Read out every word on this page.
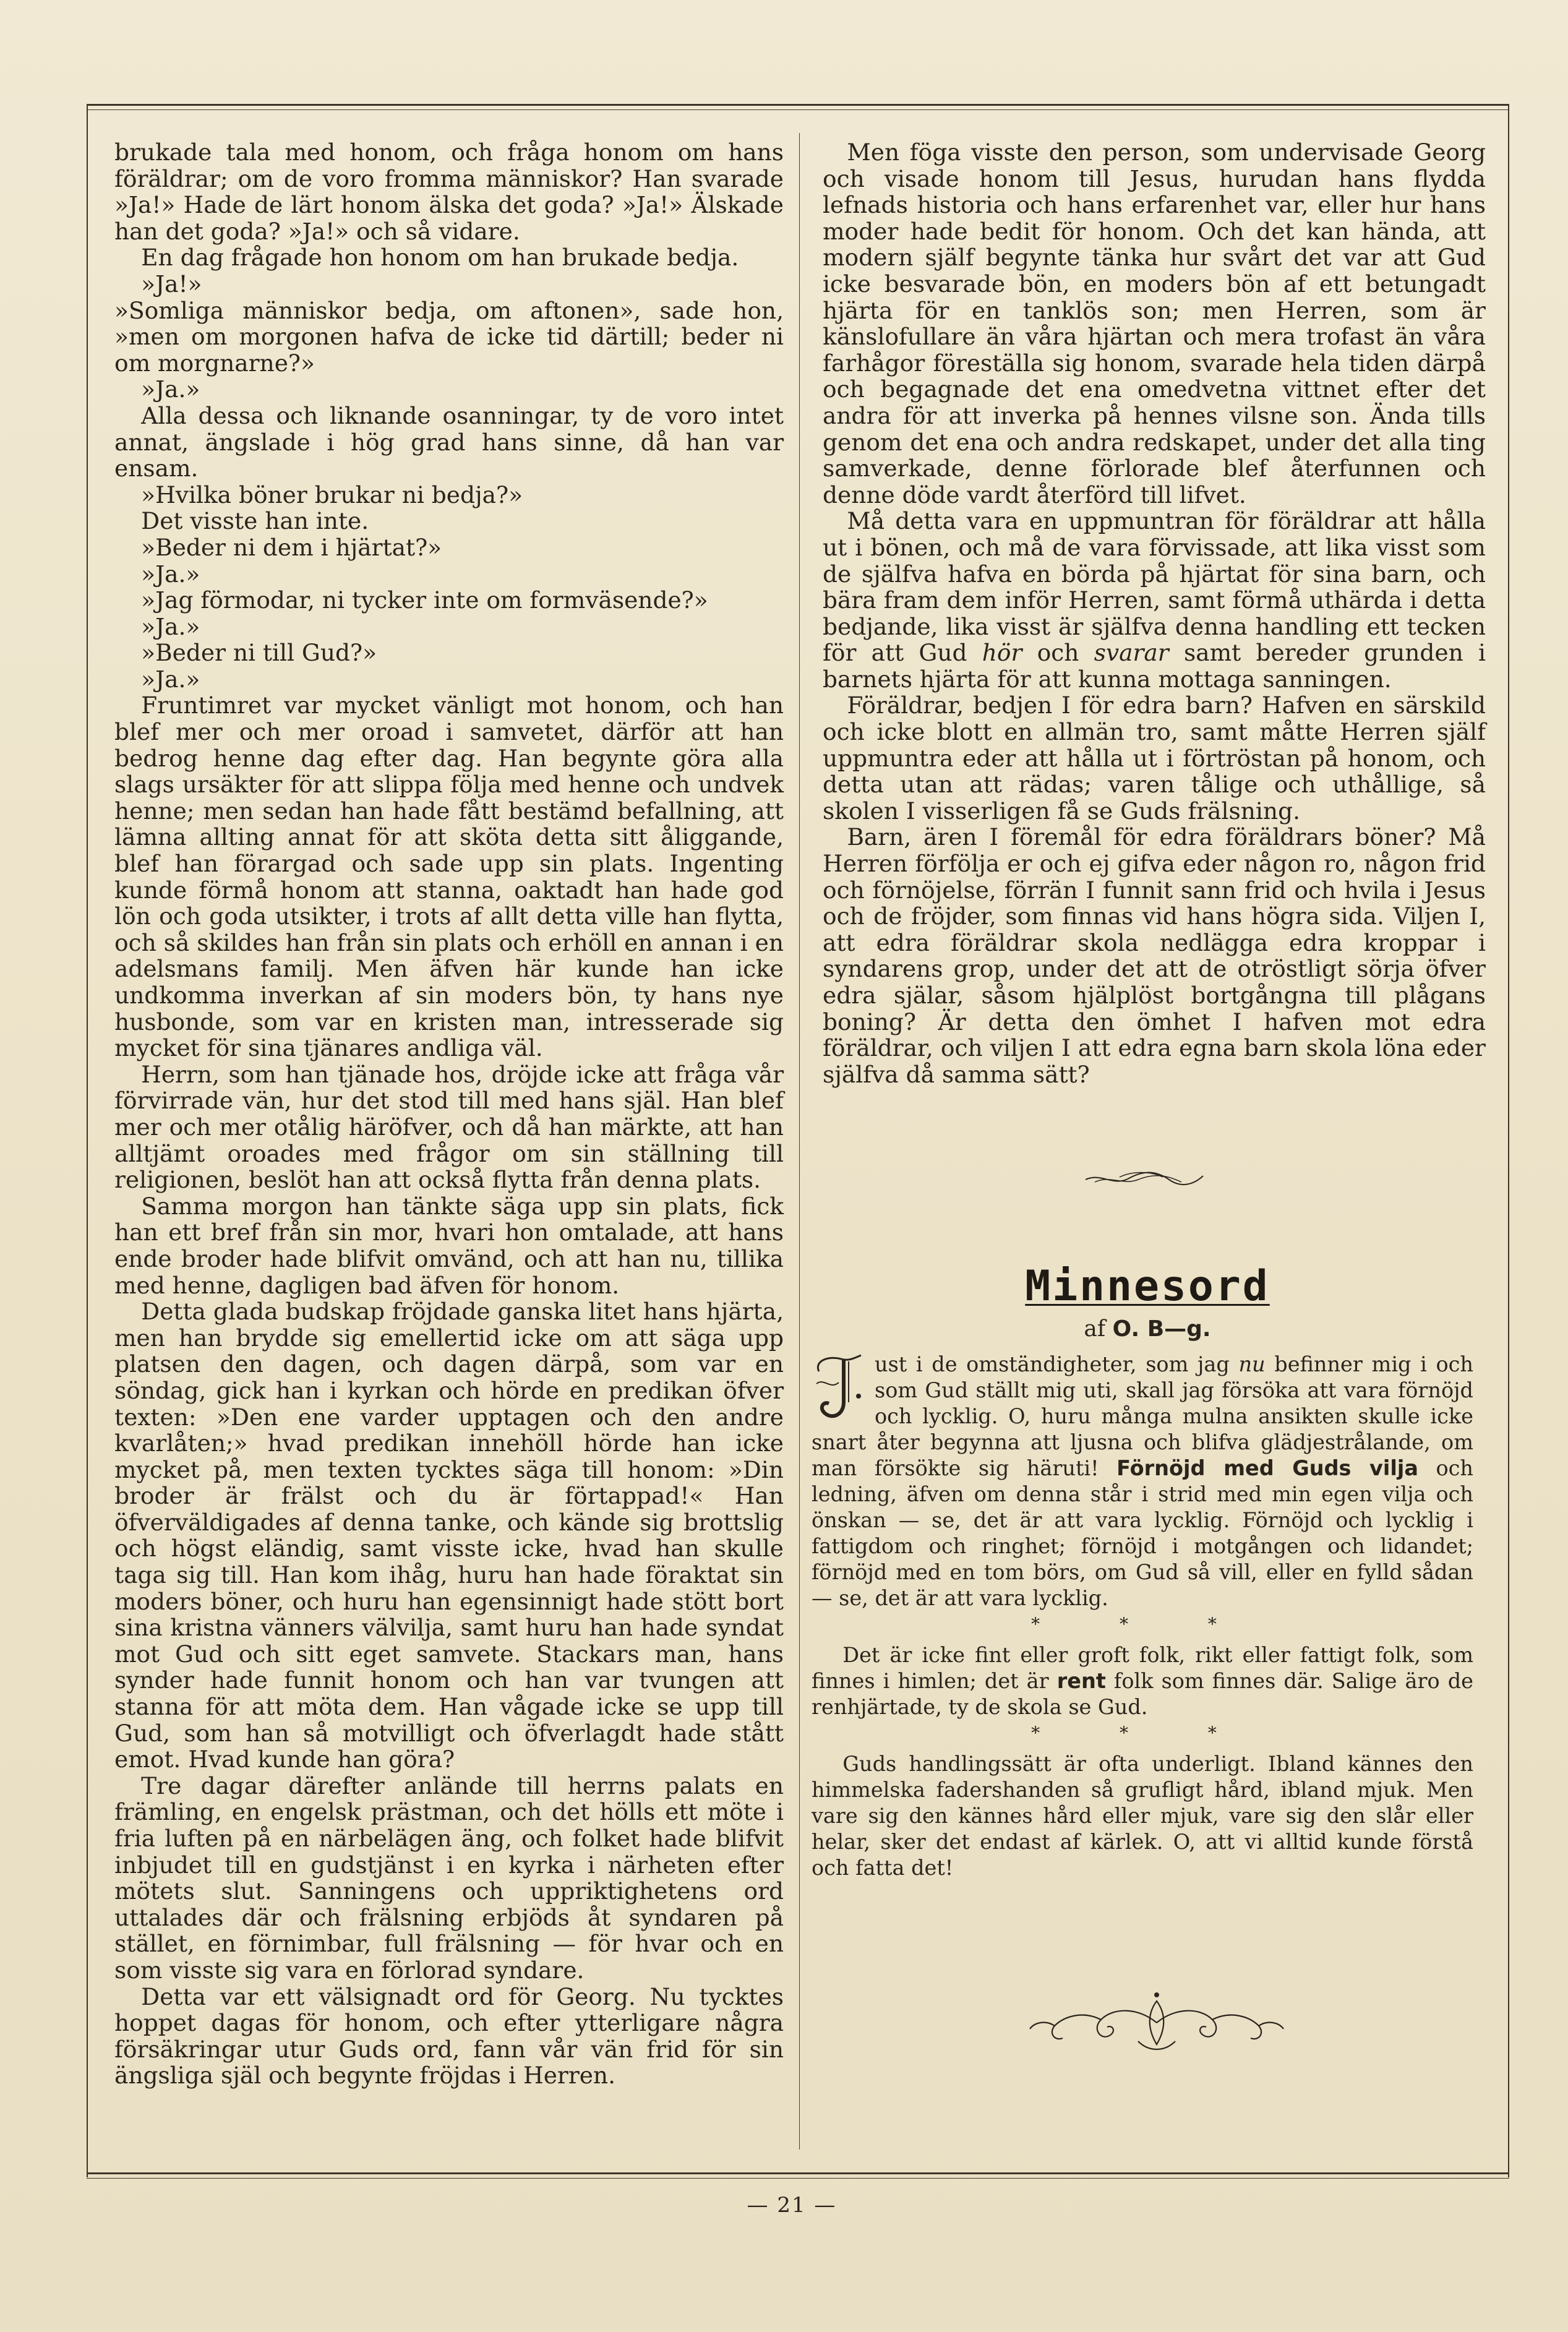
brukade tala med honom, och fråga honom om hans föräldrar; om de voro fromma människor? Han svarade »Ja!» Hade de lärt honom älska det goda? »Ja!» Älskade han det goda? »Ja!» och så vidare.

En dag frågade hon honom om han brukade bedja.

»Ja!»

»Somliga människor bedja, om aftonen», sade hon, »men om morgonen hafva de icke tid därtill; beder ni om morgnarne?»

»Ja.»

Alla dessa och liknande osanningar, ty de voro intet annat, ängslade i hög grad hans sinne, då han var ensam.

»Hvilka böner brukar ni bedja?»

Det visste han inte.

»Beder ni dem i hjärtat?»

»Ja.»

»Jag förmodar, ni tycker inte om formväsende?»

»Ja.»

»Beder ni till Gud?»

»Ja.»

Fruntimret var mycket vänligt mot honom, och han blef mer och mer oroad i samvetet, därför att han bedrog henne dag efter dag. Han begynte göra alla slags ursäkter för att slippa följa med henne och undvek henne; men sedan han hade fått bestämd befallning, att lämna allting annat för att sköta detta sitt åliggande, blef han förargad och sade upp sin plats. Ingenting kunde förmå honom att stanna, oaktadt han hade god lön och goda utsikter, i trots af allt detta ville han flytta, och så skildes han från sin plats och erhöll en annan i en adelsmans familj. Men äfven här kunde han icke undkomma inverkan af sin moders bön, ty hans nye husbonde, som var en kristen man, intresserade sig mycket för sina tjänares andliga väl.

Herrn, som han tjänade hos, dröjde icke att fråga vår förvirrade vän, hur det stod till med hans själ. Han blef mer och mer otålig häröfver, och då han märkte, att han alltjämt oroades med frågor om sin ställning till religionen, beslöt han att också flytta från denna plats.

Samma morgon han tänkte säga upp sin plats, fick han ett bref från sin mor, hvari hon omtalade, att hans ende broder hade blifvit omvänd, och att han nu, tillika med henne, dagligen bad äfven för honom.

Detta glada budskap fröjdade ganska litet hans hjärta, men han brydde sig emellertid icke om att säga upp platsen den dagen, och dagen därpå, som var en söndag, gick han i kyrkan och hörde en predikan öfver texten: »Den ene varder upptagen och den andre kvarlåten;» hvad predikan innehöll hörde han icke mycket på, men texten tycktes säga till honom: »Din broder är frälst och du är förtappad!« Han öfverväldigades af denna tanke, och kände sig brottslig och högst eländig, samt visste icke, hvad han skulle taga sig till. Han kom ihåg, huru han hade föraktat sin moders böner, och huru han egensinnigt hade stött bort sina kristna vänners välvilja, samt huru han hade syndat mot Gud och sitt eget samvete. Stackars man, hans synder hade funnit honom och han var tvungen att stanna för att möta dem. Han vågade icke se upp till Gud, som han så motvilligt och öfverlagdt hade stått emot. Hvad kunde han göra?

Tre dagar därefter anlände till herrns palats en främling, en engelsk prästman, och det hölls ett möte i fria luften på en närbelägen äng, och folket hade blifvit inbjudet till en gudstjänst i en kyrka i närheten efter mötets slut. Sanningens och uppriktighetens ord uttalades där och frälsning erbjöds åt syndaren på stället, en förnimbar, full frälsning — för hvar och en som visste sig vara en förlorad syndare.

Detta var ett välsignadt ord för Georg. Nu tycktes hoppet dagas för honom, och efter ytterligare några försäkringar utur Guds ord, fann vår vän frid för sin ängsliga själ och begynte fröjdas i Herren.

Men föga visste den person, som undervisade Georg och visade honom till Jesus, hurudan hans flydda lefnads historia och hans erfarenhet var, eller hur hans moder hade bedit för honom. Och det kan hända, att modern själf begynte tänka hur svårt det var att Gud icke besvarade bön, en moders bön af ett betungadt hjärta för en tanklös son; men Herren, som är känslofullare än våra hjärtan och mera trofast än våra farhågor föreställa sig honom, svarade hela tiden därpå och begagnade det ena omedvetna vittnet efter det andra för att inverka på hennes vilsne son. Ända tills genom det ena och andra redskapet, under det alla ting samverkade, denne förlorade blef återfunnen och denne döde vardt återförd till lifvet.

Må detta vara en uppmuntran för föräldrar att hålla ut i bönen, och må de vara förvissade, att lika visst som de själfva hafva en börda på hjärtat för sina barn, och bära fram dem inför Herren, samt förmå uthärda i detta bedjande, lika visst är själfva denna handling ett tecken för att Gud hör och svarar samt bereder grunden i barnets hjärta för att kunna mottaga sanningen.

Föräldrar, bedjen I för edra barn? Hafven en särskild och icke blott en allmän tro, samt måtte Herren själf uppmuntra eder att hålla ut i förtröstan på honom, och detta utan att rädas; varen tålige och uthållige, så skolen I visserligen få se Guds frälsning.

Barn, ären I föremål för edra föräldrars böner? Må Herren förfölja er och ej gifva eder någon ro, någon frid och förnöjelse, förrän I funnit sann frid och hvila i Jesus och de fröjder, som finnas vid hans högra sida. Viljen I, att edra föräldrar skola nedlägga edra kroppar i syndarens grop, under det att de otröstligt sörja öfver edra själar, såsom hjälplöst bortgångna till plågans boning? Är detta den ömhet I hafven mot edra föräldrar, och viljen I att edra egna barn skola löna eder själfva då samma sätt?

Minnesord
af O. B—g.

ust i de omständigheter, som jag nu befinner mig i och som Gud ställt mig uti, skall jag försöka att vara förnöjd och lycklig. O, huru många mulna ansikten skulle icke snart åter begynna att ljusna och blifva glädjestrålande, om man försökte sig häruti! Förnöjd med Guds vilja och ledning, äfven om denna står i strid med min egen vilja och önskan — se, det är att vara lycklig. Förnöjd och lycklig i fattigdom och ringhet; förnöjd i motgången och lidandet; förnöjd med en tom börs, om Gud så vill, eller en fylld sådan — se, det är att vara lycklig.

* * *

Det är icke fint eller groft folk, rikt eller fattigt folk, som finnes i himlen; det är rent folk som finnes där. Salige äro de renhjärtade, ty de skola se Gud.

* * *

Guds handlingssätt är ofta underligt. Ibland kännes den himmelska fadershanden så grufligt hård, ibland mjuk. Men vare sig den kännes hård eller mjuk, vare sig den slår eller helar, sker det endast af kärlek. O, att vi alltid kunde förstå och fatta det!

— 21 —
